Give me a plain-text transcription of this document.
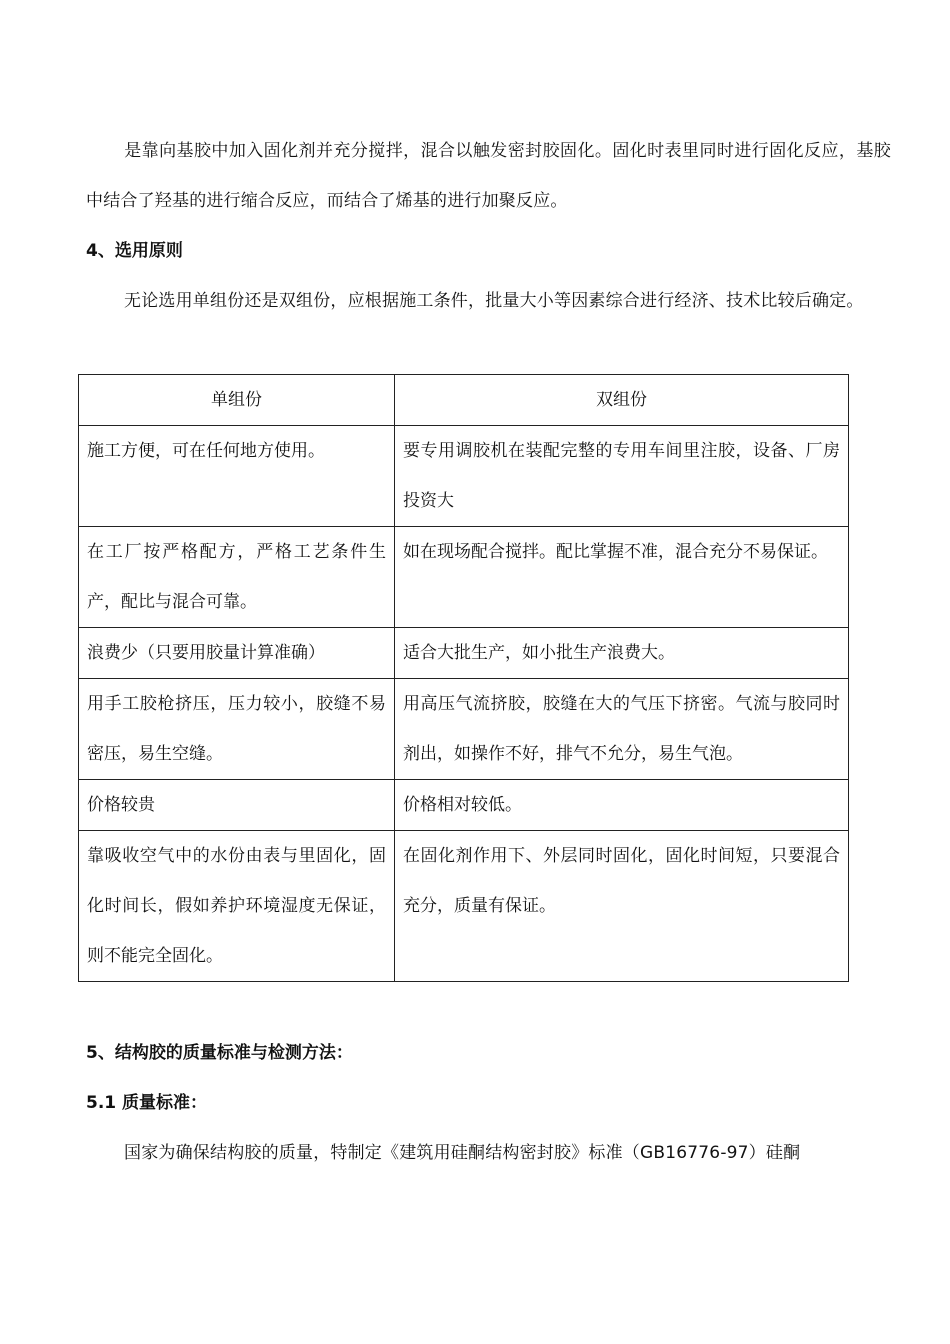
是靠向基胶中加入固化剂并充分搅拌，混合以触发密封胶固化。固化时表里同时进行固化反应，基胶中结合了羟基的进行缩合反应，而结合了烯基的进行加聚反应。
4、选用原则
无论选用单组份还是双组份，应根据施工条件，批量大小等因素综合进行经济、技术比较后确定。
单组份	双组份
施工方便，可在任何地方使用。	要专用调胶机在装配完整的专用车间里注胶，设备、厂房投资大
在工厂按严格配方，严格工艺条件生产，配比与混合可靠。	如在现场配合搅拌。配比掌握不准，混合充分不易保证。
浪费少（只要用胶量计算准确）	适合大批生产，如小批生产浪费大。
用手工胶枪挤压，压力较小，胶缝不易密压，易生空缝。	用高压气流挤胶，胶缝在大的气压下挤密。气流与胶同时剂出，如操作不好，排气不允分，易生气泡。
价格较贵	价格相对较低。
靠吸收空气中的水份由表与里固化，固化时间长，假如养护环境湿度无保证，则不能完全固化。	在固化剂作用下、外层同时固化，固化时间短，只要混合充分，质量有保证。
5、结构胶的质量标准与检测方法：
5.1 质量标准：
国家为确保结构胶的质量，特制定《建筑用硅酮结构密封胶》标准（GB16776-97）硅酮
